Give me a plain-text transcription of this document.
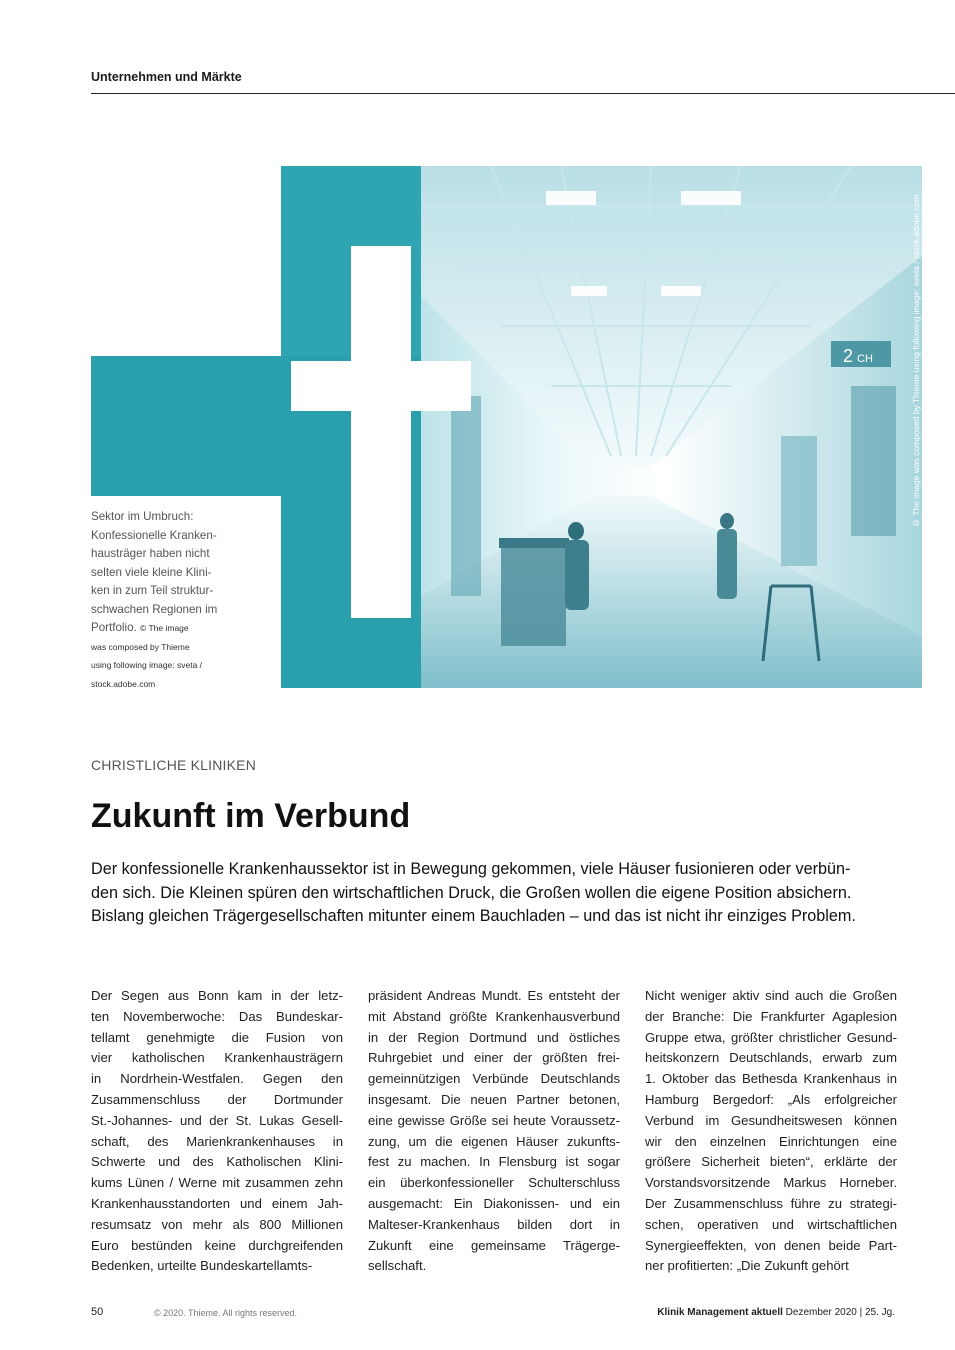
Unternehmen und Märkte
2 CH	© The image was composed by Thieme using following image: sveta / stock.adobe.com
Sektor im Umbruch:
Konfessionelle Kranken-
hausträger haben nicht
selten viele kleine Klini-
ken in zum Teil struktur-
schwachen Regionen im
Portfolio. © The image
was composed by Thieme
using following image: sveta /
stock.adobe.com
CHRISTLICHE KLINIKEN
Zukunft im Verbund
Der konfessionelle Krankenhaussektor ist in Bewegung gekommen, viele Häuser fusionieren oder verbün-
den sich. Die Kleinen spüren den wirtschaftlichen Druck, die Großen wollen die eigene Position absichern.
Bislang gleichen Trägergesellschaften mitunter einem Bauchladen – und das ist nicht ihr einziges Problem.
Der Segen aus Bonn kam in der letz-
ten Novemberwoche: Das Bundeskar-
tellamt genehmigte die Fusion von
vier katholischen Krankenhausträgern
in Nordrhein-Westfalen. Gegen den
Zusammenschluss der Dortmunder
St.-Johannes- und der St. Lukas Gesell-
schaft, des Marienkrankenhauses in
Schwerte und des Katholischen Klini-
kums Lünen / Werne mit zusammen zehn
Krankenhausstandorten und einem Jah-
resumsatz von mehr als 800 Millionen
Euro bestünden keine durchgreifenden
Bedenken, urteilte Bundeskartellamts-
präsident Andreas Mundt. Es entsteht der
mit Abstand größte Krankenhausverbund
in der Region Dortmund und östliches
Ruhrgebiet und einer der größten frei-
gemeinnützigen Verbünde Deutschlands
insgesamt. Die neuen Partner betonen,
eine gewisse Größe sei heute Voraussetz-
zung, um die eigenen Häuser zukunfts-
fest zu machen. In Flensburg ist sogar
ein überkonfessioneller Schulterschluss
ausgemacht: Ein Diakonissen- und ein
Malteser-Krankenhaus bilden dort in
Zukunft eine gemeinsame Trägerge-
sellschaft.
Nicht weniger aktiv sind auch die Großen
der Branche: Die Frankfurter Agaplesion
Gruppe etwa, größter christlicher Gesund-
heitskonzern Deutschlands, erwarb zum
1. Oktober das Bethesda Krankenhaus in
Hamburg Bergedorf: „Als erfolgreicher
Verbund im Gesundheitswesen können
wir den einzelnen Einrichtungen eine
größere Sicherheit bieten“, erklärte der
Vorstandsvorsitzende Markus Horneber.
Der Zusammenschluss führe zu strategi-
schen, operativen und wirtschaftlichen
Synergieeffekten, von denen beide Part-
ner profitierten: „Die Zukunft gehört
50	© 2020. Thieme. All rights reserved.	Klinik Management aktuell Dezember 2020 | 25. Jg.
